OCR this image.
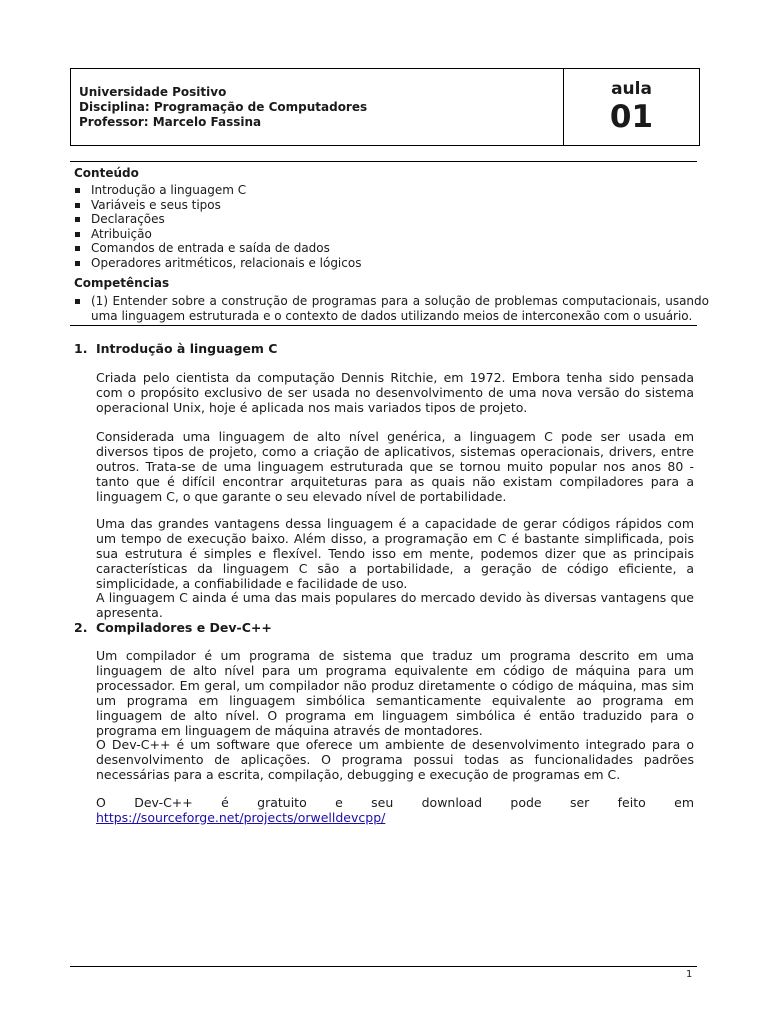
Universidade Positivo
Disciplina: Programação de Computadores
Professor: Marcelo Fassina
aula
01
Conteúdo
Introdução a linguagem C
Variáveis e seus tipos
Declarações
Atribuição
Comandos de entrada e saída de dados
Operadores aritméticos, relacionais e lógicos
Competências
(1) Entender sobre a construção de programas para a solução de problemas computacionais, usando uma linguagem estruturada e o contexto de dados utilizando meios de interconexão com o usuário.
1. Introdução à linguagem C

Criada pelo cientista da computação Dennis Ritchie, em 1972. Embora tenha sido pensada com o propósito exclusivo de ser usada no desenvolvimento de uma nova versão do sistema operacional Unix, hoje é aplicada nos mais variados tipos de projeto.

Considerada uma linguagem de alto nível genérica, a linguagem C pode ser usada em diversos tipos de projeto, como a criação de aplicativos, sistemas operacionais, drivers, entre outros. Trata-se de uma linguagem estruturada que se tornou muito popular nos anos 80 - tanto que é difícil encontrar arquiteturas para as quais não existam compiladores para a linguagem C, o que garante o seu elevado nível de portabilidade.

Uma das grandes vantagens dessa linguagem é a capacidade de gerar códigos rápidos com um tempo de execução baixo. Além disso, a programação em C é bastante simplificada, pois sua estrutura é simples e flexível. Tendo isso em mente, podemos dizer que as principais características da linguagem C são a portabilidade, a geração de código eficiente, a simplicidade, a confiabilidade e facilidade de uso.

A linguagem C ainda é uma das mais populares do mercado devido às diversas vantagens que apresenta.

2. Compiladores e Dev-C++

Um compilador é um programa de sistema que traduz um programa descrito em uma linguagem de alto nível para um programa equivalente em código de máquina para um processador. Em geral, um compilador não produz diretamente o código de máquina, mas sim um programa em linguagem simbólica semanticamente equivalente ao programa em linguagem de alto nível. O programa em linguagem simbólica é então traduzido para o programa em linguagem de máquina através de montadores.

O Dev-C++ é um software que oferece um ambiente de desenvolvimento integrado para o desenvolvimento de aplicações. O programa possui todas as funcionalidades padrões necessárias para a escrita, compilação, debugging e execução de programas em C.

O Dev-C++ é gratuito e seu download pode ser feito em https://sourceforge.net/projects/orwelldevcpp/

1
